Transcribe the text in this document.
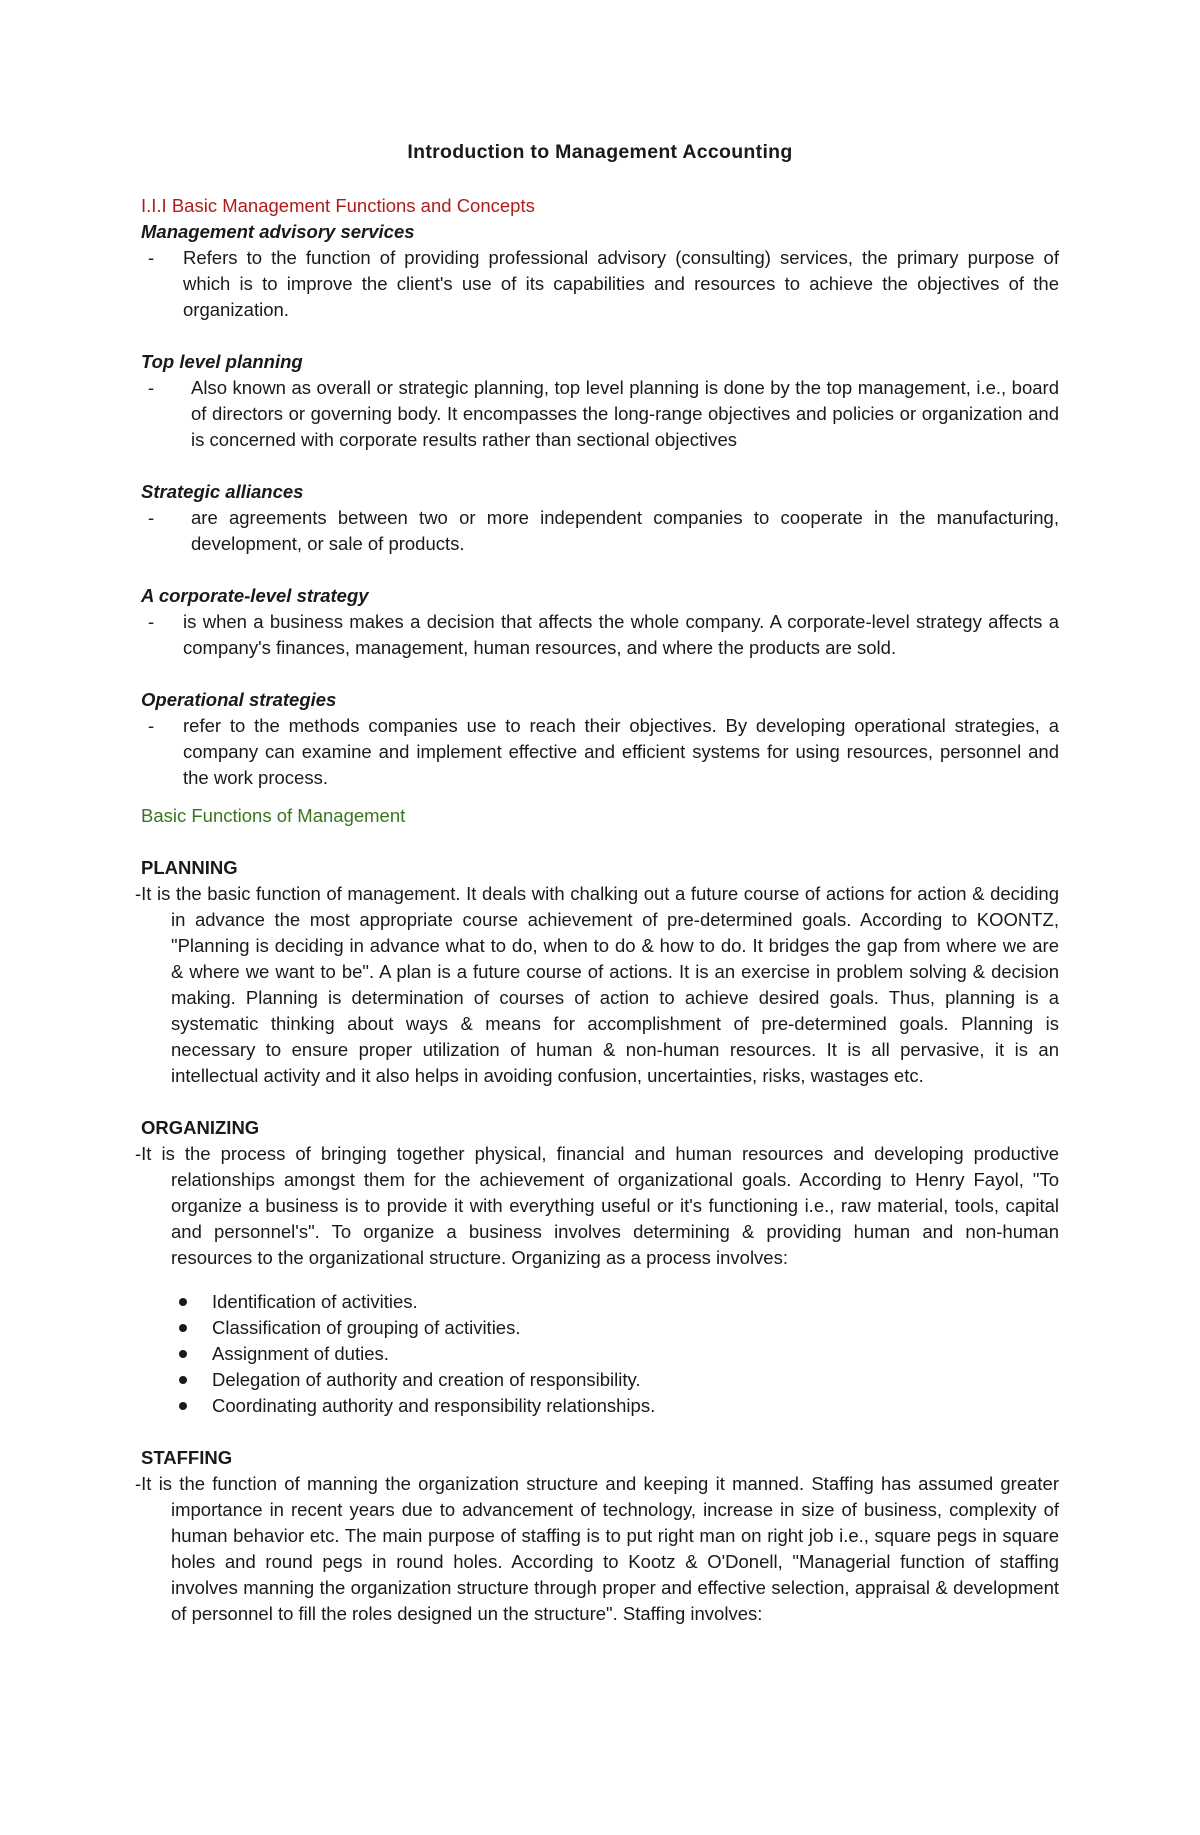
Introduction to Management Accounting
I.I.I Basic Management Functions and Concepts
Management advisory services
- Refers to the function of providing professional advisory (consulting) services, the primary purpose of which is to improve the client's use of its capabilities and resources to achieve the objectives of the organization.
Top level planning
- Also known as overall or strategic planning, top level planning is done by the top management, i.e., board of directors or governing body. It encompasses the long-range objectives and policies or organization and is concerned with corporate results rather than sectional objectives
Strategic alliances
- are agreements between two or more independent companies to cooperate in the manufacturing, development, or sale of products.
A corporate-level strategy
- is when a business makes a decision that affects the whole company. A corporate-level strategy affects a company's finances, management, human resources, and where the products are sold.
Operational strategies
- refer to the methods companies use to reach their objectives. By developing operational strategies, a company can examine and implement effective and efficient systems for using resources, personnel and the work process.
Basic Functions of Management
PLANNING
-It is the basic function of management. It deals with chalking out a future course of actions for action & deciding in advance the most appropriate course achievement of pre-determined goals. According to KOONTZ, "Planning is deciding in advance what to do, when to do & how to do. It bridges the gap from where we are & where we want to be". A plan is a future course of actions. It is an exercise in problem solving & decision making. Planning is determination of courses of action to achieve desired goals. Thus, planning is a systematic thinking about ways & means for accomplishment of pre-determined goals. Planning is necessary to ensure proper utilization of human & non-human resources. It is all pervasive, it is an intellectual activity and it also helps in avoiding confusion, uncertainties, risks, wastages etc.
ORGANIZING
-It is the process of bringing together physical, financial and human resources and developing productive relationships amongst them for the achievement of organizational goals. According to Henry Fayol, "To organize a business is to provide it with everything useful or it's functioning i.e., raw material, tools, capital and personnel's". To organize a business involves determining & providing human and non-human resources to the organizational structure. Organizing as a process involves:
Identification of activities.
Classification of grouping of activities.
Assignment of duties.
Delegation of authority and creation of responsibility.
Coordinating authority and responsibility relationships.
STAFFING
-It is the function of manning the organization structure and keeping it manned. Staffing has assumed greater importance in recent years due to advancement of technology, increase in size of business, complexity of human behavior etc. The main purpose of staffing is to put right man on right job i.e., square pegs in square holes and round pegs in round holes. According to Kootz & O'Donell, "Managerial function of staffing involves manning the organization structure through proper and effective selection, appraisal & development of personnel to fill the roles designed un the structure". Staffing involves:
